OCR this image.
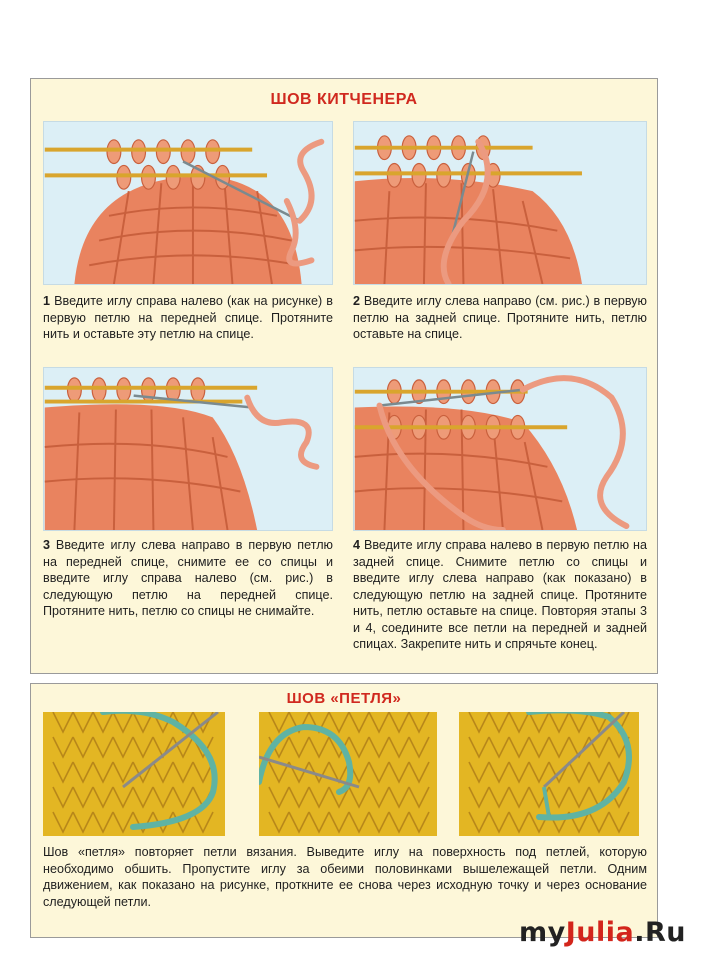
ШОВ КИТЧЕНЕРА
1 Введите иглу справа налево (как на рисунке) в первую петлю на передней спице. Протяните нить и оставьте эту петлю на спице.
2 Введите иглу слева направо (см. рис.) в первую петлю на задней спице. Протяните нить, петлю оставьте на спице.
3 Введите иглу слева направо в первую петлю на передней спице, снимите ее со спицы и введите иглу справа налево (см. рис.) в следующую петлю на передней спице. Протяните нить, петлю со спицы не снимайте.
4 Введите иглу справа налево в первую петлю на задней спице. Снимите петлю со спицы и введите иглу слева направо (как показано) в следующую петлю на задней спице. Протяните нить, петлю оставьте на спице. Повторяя этапы 3 и 4, соедините все петли на передней и задней спицах. Закрепите нить и спрячьте конец.
ШОВ «ПЕТЛЯ»
Шов «петля» повторяет петли вязания. Выведите иглу на поверхность под петлей, которую необходимо обшить. Пропустите иглу за обеими половинками вышележащей петли. Одним движением, как показано на рисунке, проткните ее снова через исходную точку и через основание следующей петли.
myJulia.Ru
